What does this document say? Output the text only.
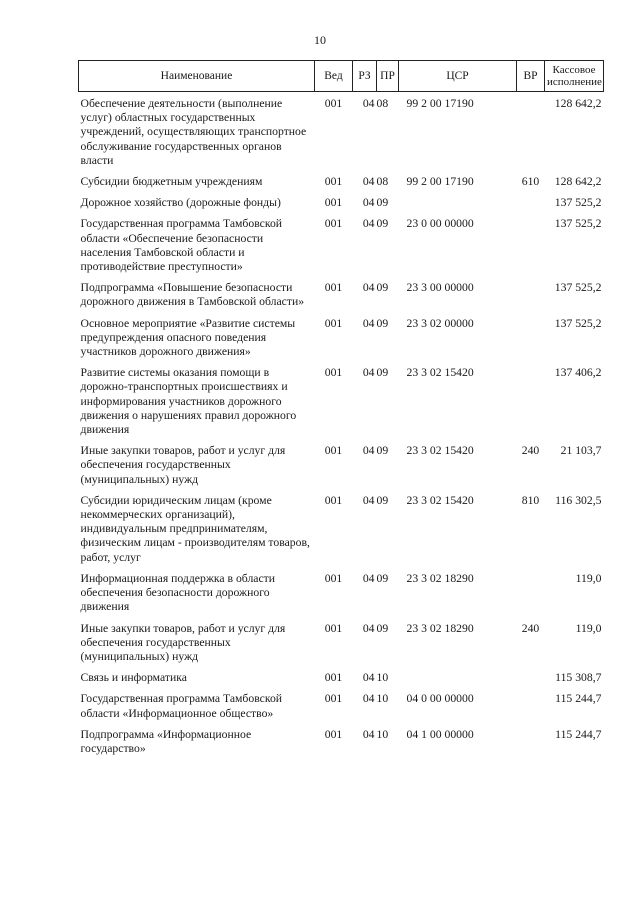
10
Наименование	Вед	РЗ	ПР	ЦСР	ВР	Кассовое исполнение
Обеспечение деятельности (выполнение услуг) областных государственных учреждений, осуществляющих транспортное обслуживание государственных органов власти	001	04	08	99 2 00 17190		128 642,2
Субсидии бюджетным учреждениям	001	04	08	99 2 00 17190	610	128 642,2
Дорожное хозяйство (дорожные фонды)	001	04	09			137 525,2
Государственная программа Тамбовской области «Обеспечение безопасности населения Тамбовской области и противодействие преступности»	001	04	09	23 0 00 00000		137 525,2
Подпрограмма «Повышение безопасности дорожного движения в Тамбовской области»	001	04	09	23 3 00 00000		137 525,2
Основное мероприятие «Развитие системы предупреждения опасного поведения участников дорожного движения»	001	04	09	23 3 02 00000		137 525,2
Развитие системы оказания помощи в дорожно-транспортных происшествиях и информирования участников дорожного движения о нарушениях правил дорожного движения	001	04	09	23 3 02 15420		137 406,2
Иные закупки товаров, работ и услуг для обеспечения государственных (муниципальных) нужд	001	04	09	23 3 02 15420	240	21 103,7
Субсидии юридическим лицам (кроме некоммерческих организаций), индивидуальным предпринимателям, физическим лицам - производителям товаров, работ, услуг	001	04	09	23 3 02 15420	810	116 302,5
Информационная поддержка в области обеспечения безопасности дорожного движения	001	04	09	23 3 02 18290		119,0
Иные закупки товаров, работ и услуг для обеспечения государственных (муниципальных) нужд	001	04	09	23 3 02 18290	240	119,0
Связь и информатика	001	04	10			115 308,7
Государственная программа Тамбовской области «Информационное общество»	001	04	10	04 0 00 00000		115 244,7
Подпрограмма «Информационное государство»	001	04	10	04 1 00 00000		115 244,7
